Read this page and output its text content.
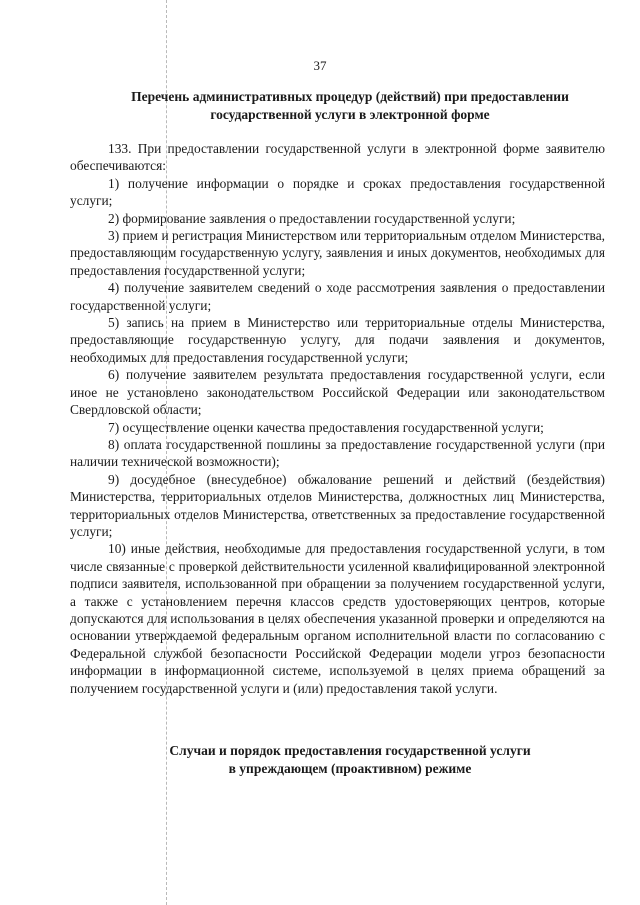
37
Перечень административных процедур (действий) при предоставлении
государственной услуги в электронной форме

133. При предоставлении государственной услуги в электронной форме заявителю обеспечиваются:

1) получение информации о порядке и сроках предоставления государственной услуги;

2) формирование заявления о предоставлении государственной услуги;

3) прием и регистрация Министерством или территориальным отделом Министерства, предоставляющим государственную услугу, заявления и иных документов, необходимых для предоставления государственной услуги;

4) получение заявителем сведений о ходе рассмотрения заявления о предоставлении государственной услуги;

5) запись на прием в Министерство или территориальные отделы Министерства, предоставляющие государственную услугу, для подачи заявления и документов, необходимых для предоставления государственной услуги;

6) получение заявителем результата предоставления государственной услуги, если иное не установлено законодательством Российской Федерации или законодательством Свердловской области;

7) осуществление оценки качества предоставления государственной услуги;

8) оплата государственной пошлины за предоставление государственной услуги (при наличии технической возможности);

9) досудебное (внесудебное) обжалование решений и действий (бездействия) Министерства, территориальных отделов Министерства, должностных лиц Министерства, территориальных отделов Министерства, ответственных за предоставление государственной услуги;

10) иные действия, необходимые для предоставления государственной услуги, в том числе связанные с проверкой действительности усиленной квалифицированной электронной подписи заявителя, использованной при обращении за получением государственной услуги, а также с установлением перечня классов средств удостоверяющих центров, которые допускаются для использования в целях обеспечения указанной проверки и определяются на основании утверждаемой федеральным органом исполнительной власти по согласованию с Федеральной службой безопасности Российской Федерации модели угроз безопасности информации в информационной системе, используемой в целях приема обращений за получением государственной услуги и (или) предоставления такой услуги.

Случаи и порядок предоставления государственной услуги
в упреждающем (проактивном) режиме
